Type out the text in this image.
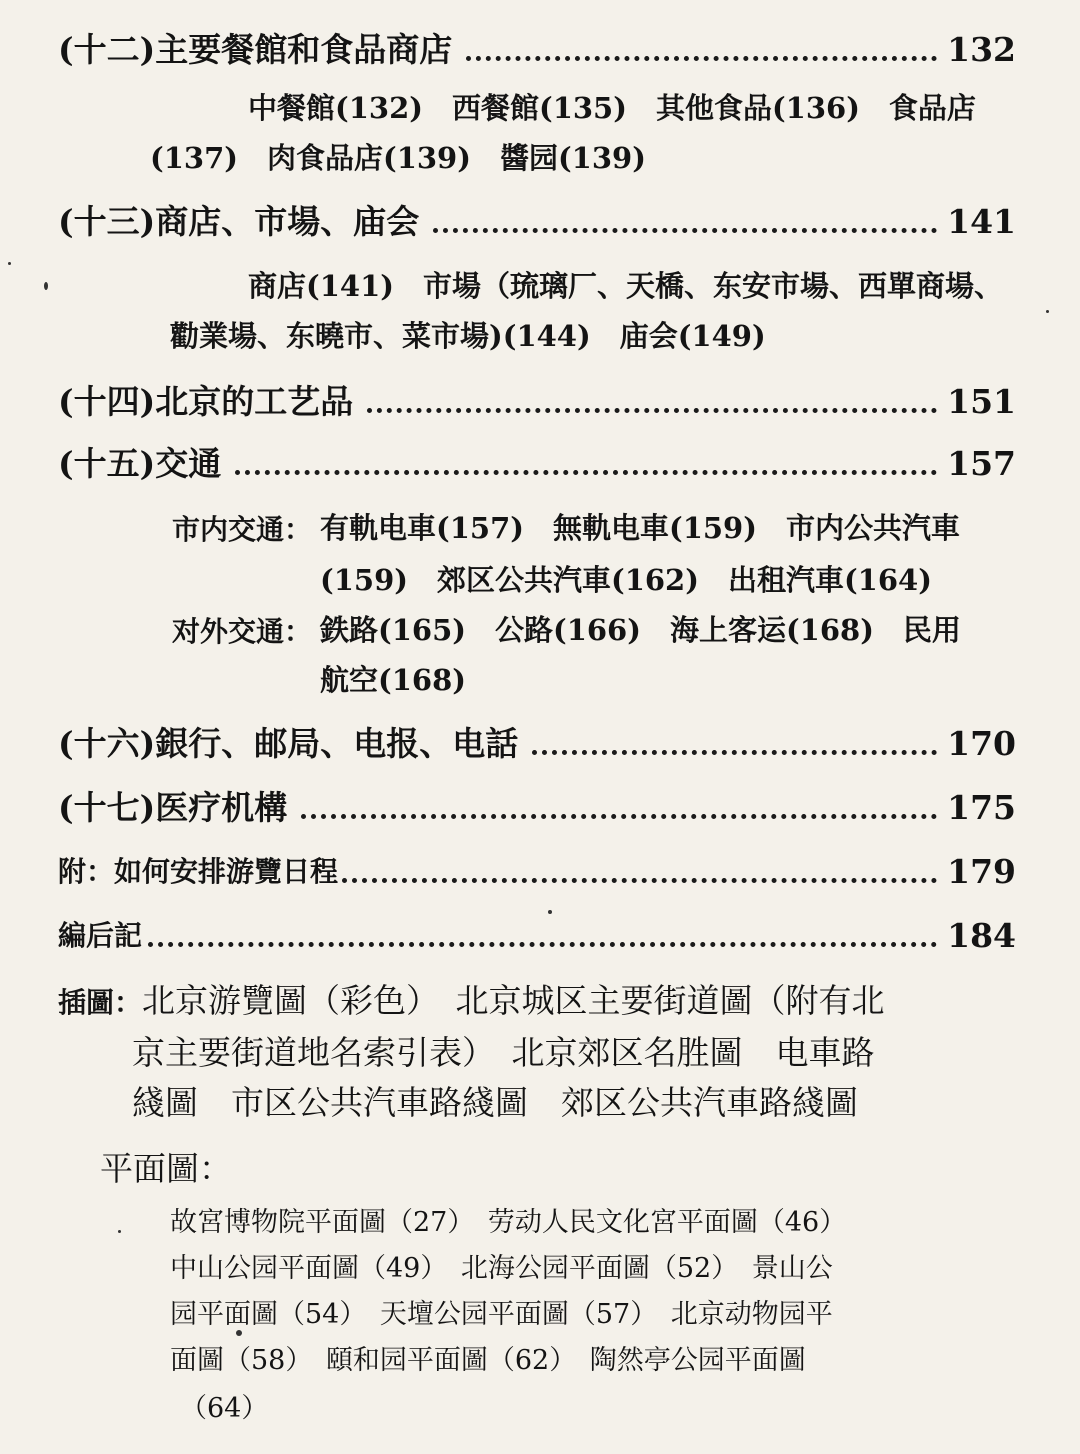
(十二)主要餐館和食品商店	132
中餐館(132)　西餐館(135)　其他食品(136)　食品店
(137)　肉食品店(139)　醬园(139)
(十三)商店、市場、庙会	141
商店(141)　市場（琉璃厂、天橋、东安市場、西單商場、
勸業場、东曉市、菜市場)(144)　庙会(149)
(十四)北京的工艺品	151
(十五)交通	157
市内交通： 有軌电車(157)　無軌电車(159)　市内公共汽車
(159)　郊区公共汽車(162)　出租汽車(164)
对外交通： 鉄路(165)　公路(166)　海上客运(168)　民用
航空(168)
(十六)銀行、邮局、电报、电話	170
(十七)医疗机構	175
附：如何安排游覽日程	179
編后記	184
插圖：北京游覽圖（彩色）　北京城区主要街道圖（附有北
京主要街道地名索引表）　北京郊区名胜圖　电車路
綫圖　市区公共汽車路綫圖　郊区公共汽車路綫圖
平面圖：
故宮博物院平面圖（27）　劳动人民文化宮平面圖（46）
中山公园平面圖（49）　北海公园平面圖（52）　景山公
园平面圖（54）　天壇公园平面圖（57）　北京动物园平
面圖（58）　頤和园平面圖（62）　陶然亭公园平面圖
（64）
